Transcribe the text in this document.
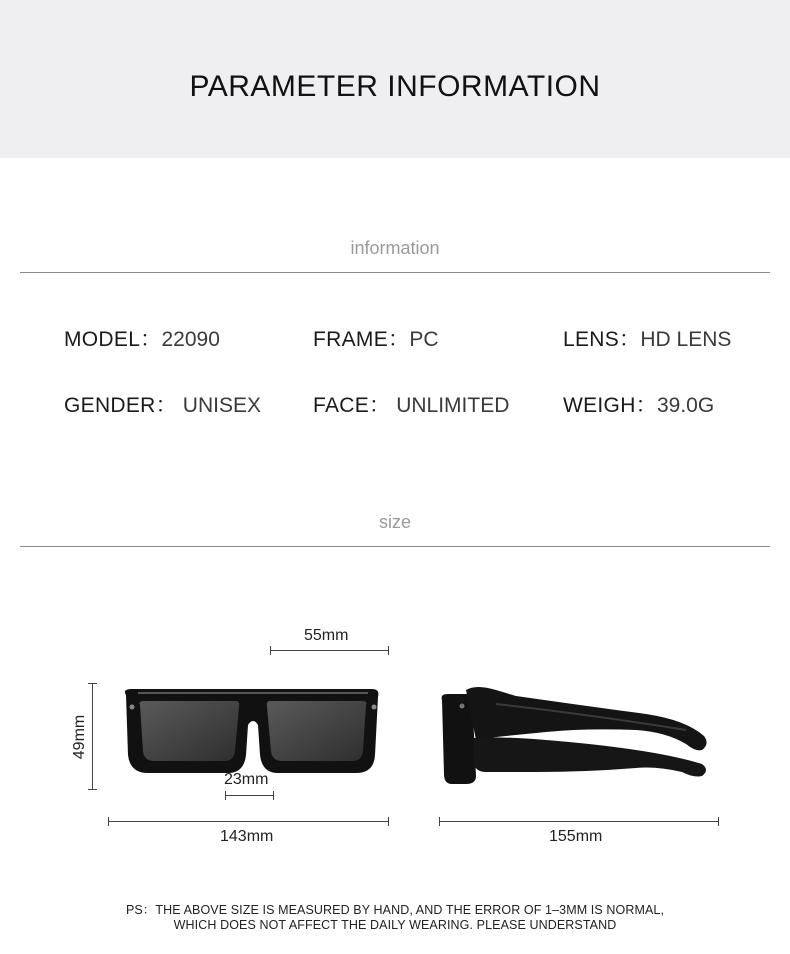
PARAMETER INFORMATION
information
MODEL：22090	FRAME：PC	LENS：HD LENS
GENDER： UNISEX FACE： UNLIMITED	WEIGH：39.0G
size
55mm
49mm
23mm
143mm	155mm
PS：THE ABOVE SIZE IS MEASURED BY HAND, AND THE ERROR OF 1–3MM IS NORMAL,
WHICH DOES NOT AFFECT THE DAILY WEARING. PLEASE UNDERSTAND
